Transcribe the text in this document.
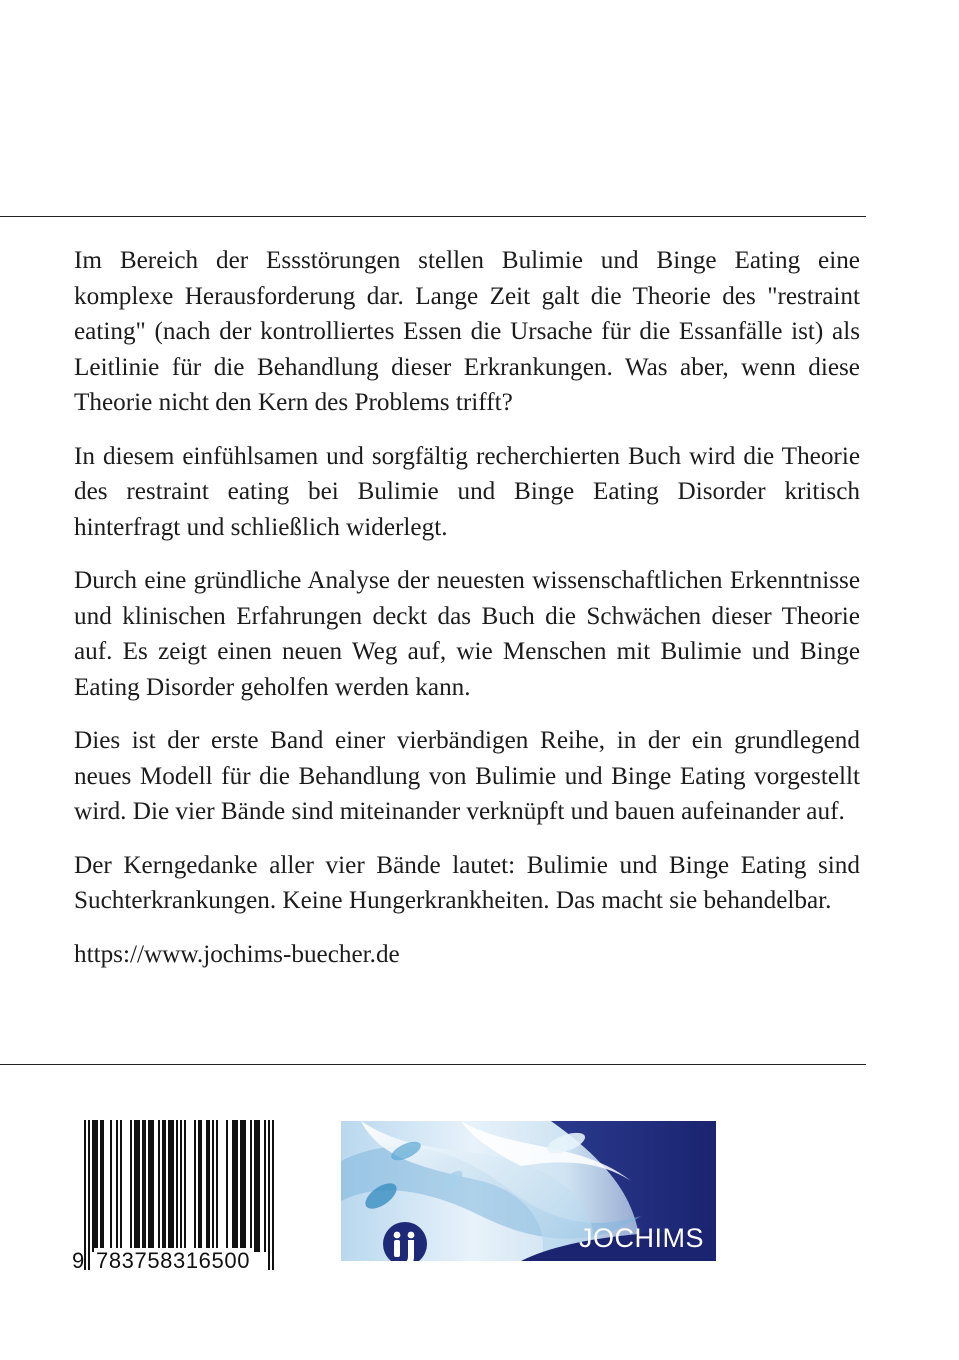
Im Bereich der Essstörungen stellen Bulimie und Binge Eating eine komplexe Herausforderung dar. Lange Zeit galt die Theorie des "restraint eating" (nach der kontrolliertes Essen die Ursache für die Essanfälle ist) als Leitlinie für die Behandlung dieser Erkrankungen. Was aber, wenn diese Theorie nicht den Kern des Problems trifft?

In diesem einfühlsamen und sorgfältig recherchierten Buch wird die Theorie des restraint eating bei Bulimie und Binge Eating Disorder kritisch hinterfragt und schließlich widerlegt.

Durch eine gründliche Analyse der neuesten wissenschaftlichen Erkenntnisse und klinischen Erfahrungen deckt das Buch die Schwächen dieser Theorie auf. Es zeigt einen neuen Weg auf, wie Menschen mit Bulimie und Binge Eating Disorder geholfen werden kann.

Dies ist der erste Band einer vierbändigen Reihe, in der ein grundlegend neues Modell für die Behandlung von Bulimie und Binge Eating vorgestellt wird. Die vier Bände sind miteinander verknüpft und bauen aufeinander auf.

Der Kerngedanke aller vier Bände lautet: Bulimie und Binge Eating sind Suchterkrankungen. Keine Hungerkrankheiten. Das macht sie behandelbar.

https://www.jochims-buecher.de

9 783758316500
JOCHIMS
